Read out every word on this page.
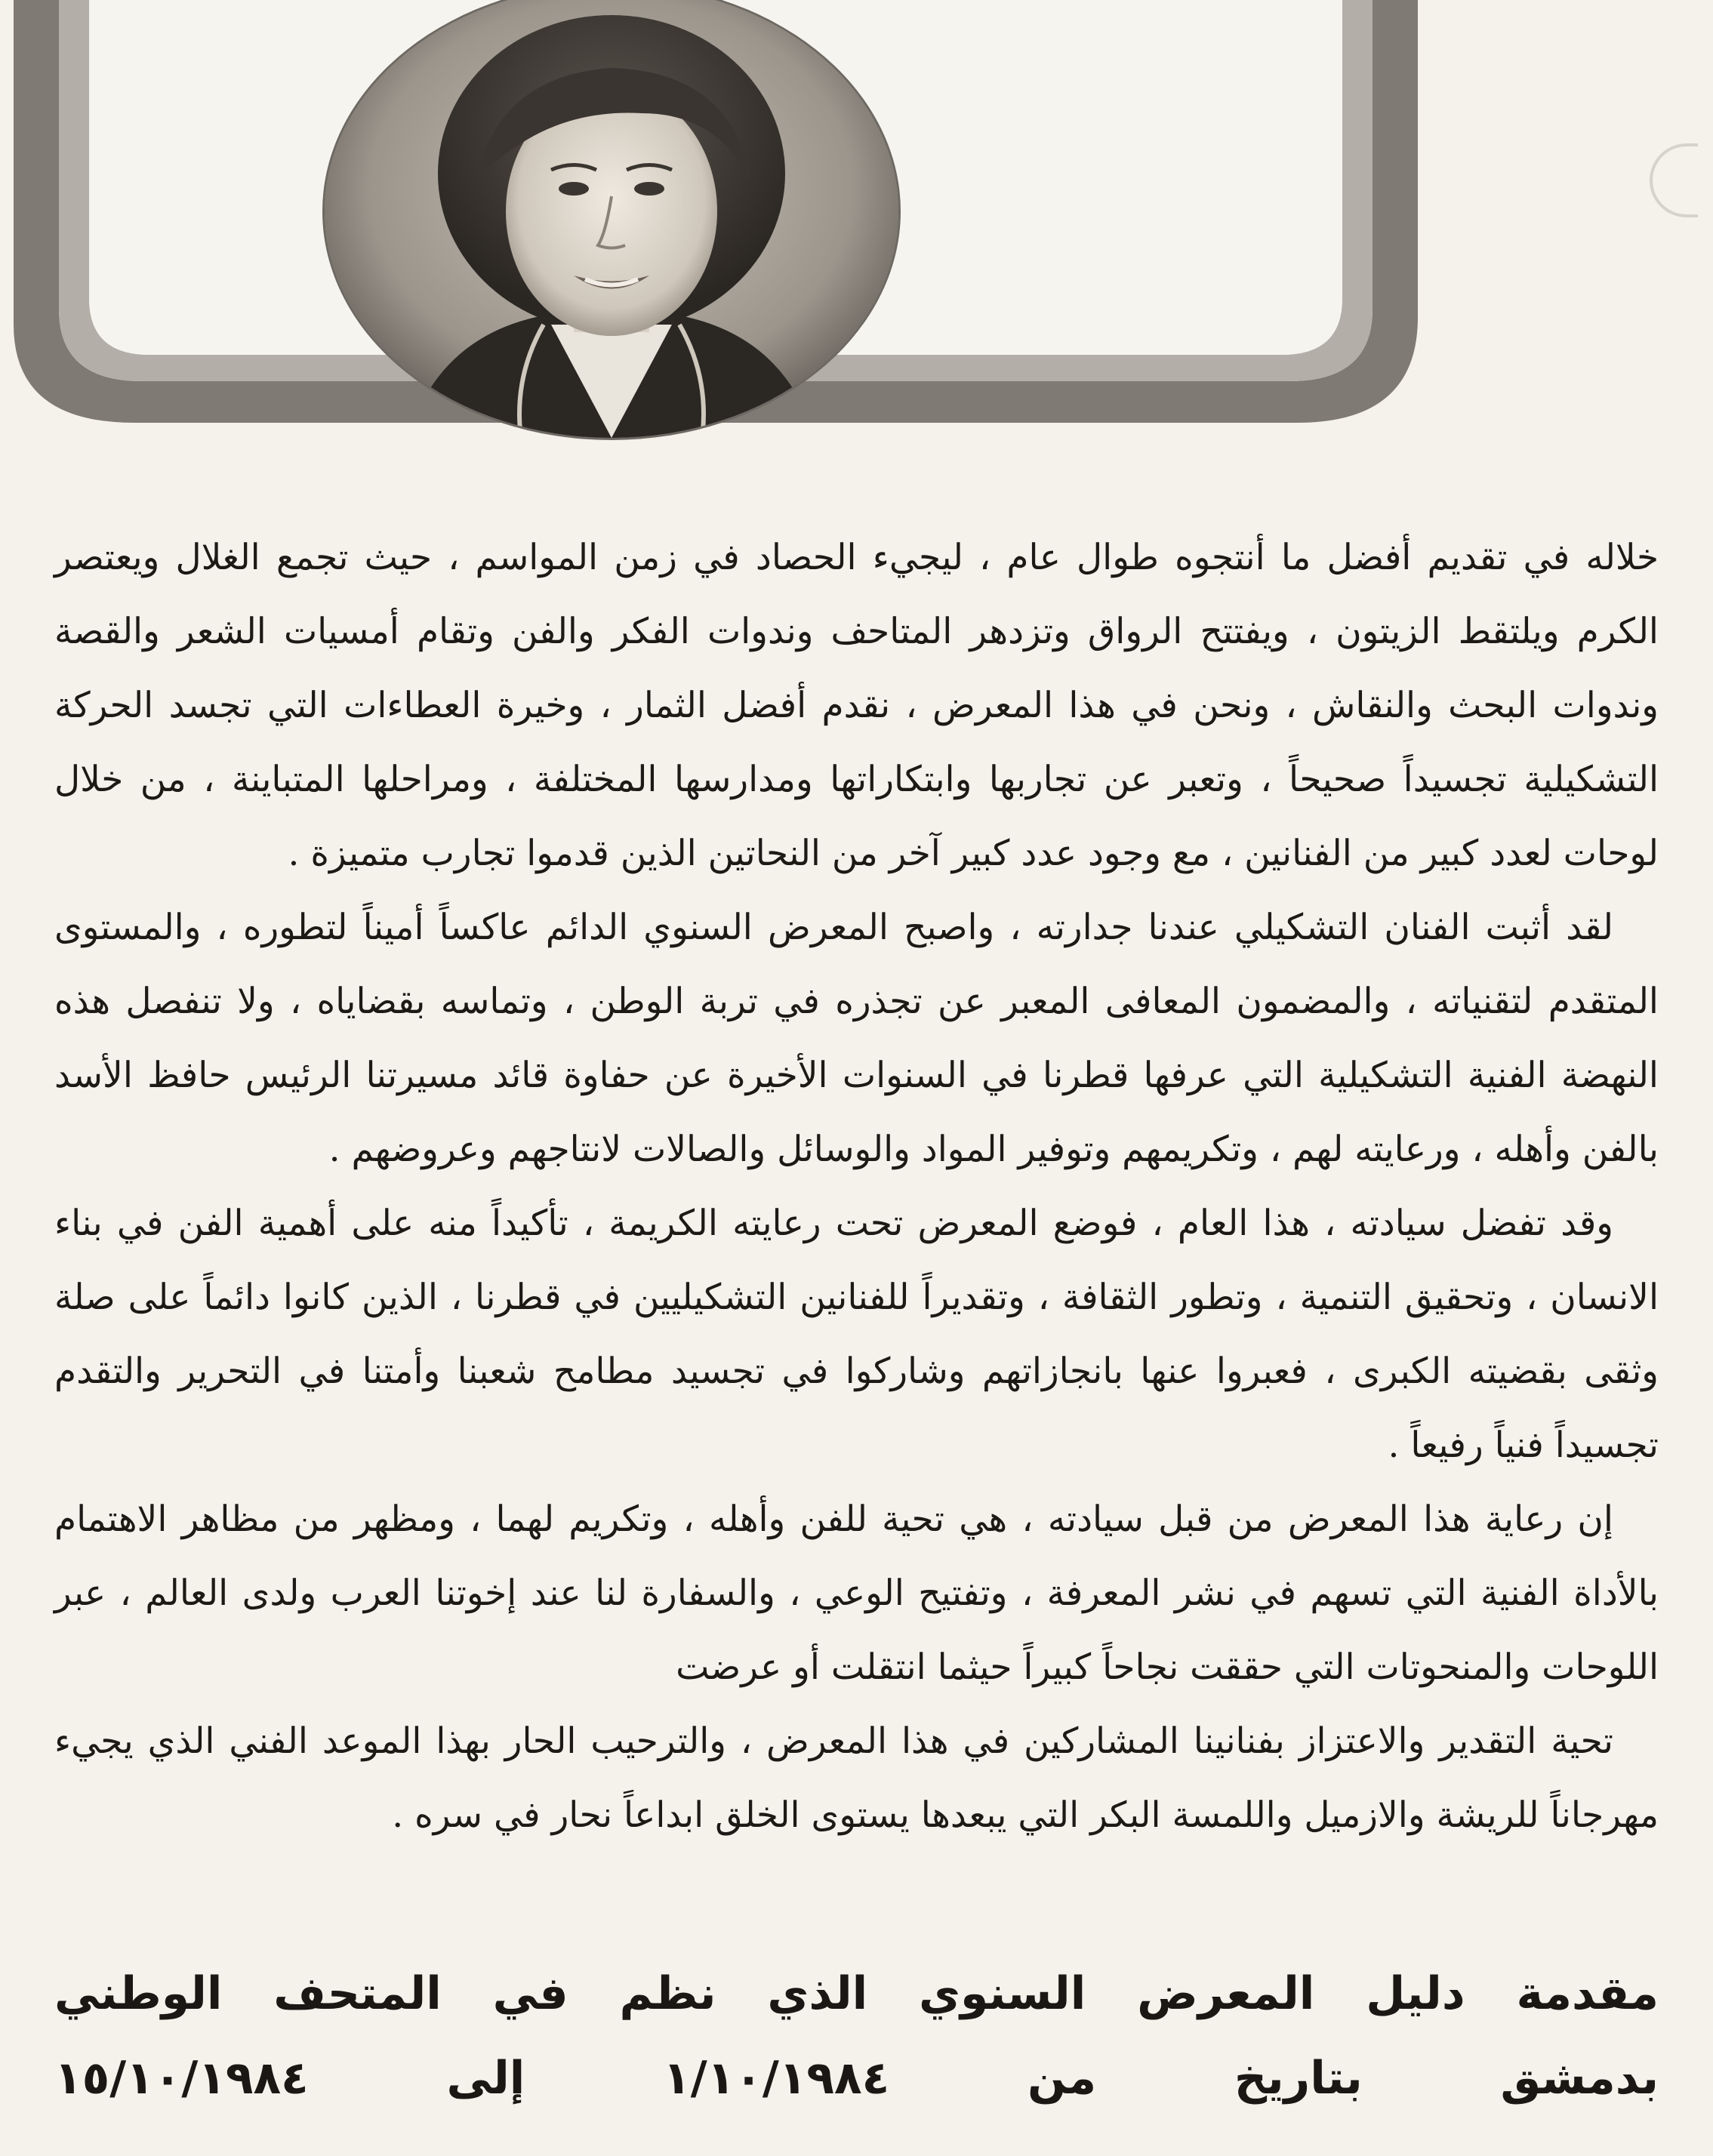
خلاله في تقديم أفضل ما أنتجوه طوال عام ، ليجيء الحصاد في زمن المواسم ، حيث تجمع الغلال ويعتصر الكرم ويلتقط الزيتون ، ويفتتح الرواق وتزدهر المتاحف وندوات الفكر والفن وتقام أمسيات الشعر والقصة وندوات البحث والنقاش ، ونحن في هذا المعرض ، نقدم أفضل الثمار ، وخيرة العطاءات التي تجسد الحركة التشكيلية تجسيداً صحيحاً ، وتعبر عن تجاربها وابتكاراتها ومدارسها المختلفة ، ومراحلها المتباينة ، من خلال لوحات لعدد كبير من الفنانين ، مع وجود عدد كبير آخر من النحاتين الذين قدموا تجارب متميزة .

لقد أثبت الفنان التشكيلي عندنا جدارته ، واصبح المعرض السنوي الدائم عاكساً أميناً لتطوره ، والمستوى المتقدم لتقنياته ، والمضمون المعافى المعبر عن تجذره في تربة الوطن ، وتماسه بقضاياه ، ولا تنفصل هذه النهضة الفنية التشكيلية التي عرفها قطرنا في السنوات الأخيرة عن حفاوة قائد مسيرتنا الرئيس حافظ الأسد بالفن وأهله ، ورعايته لهم ، وتكريمهم وتوفير المواد والوسائل والصالات لانتاجهم وعروضهم .

وقد تفضل سيادته ، هذا العام ، فوضع المعرض تحت رعايته الكريمة ، تأكيداً منه على أهمية الفن في بناء الانسان ، وتحقيق التنمية ، وتطور الثقافة ، وتقديراً للفنانين التشكيليين في قطرنا ، الذين كانوا دائماً على صلة وثقى بقضيته الكبرى ، فعبروا عنها بانجازاتهم وشاركوا في تجسيد مطامح شعبنا وأمتنا في التحرير والتقدم تجسيداً فنياً رفيعاً .

إن رعاية هذا المعرض من قبل سيادته ، هي تحية للفن وأهله ، وتكريم لهما ، ومظهر من مظاهر الاهتمام بالأداة الفنية التي تسهم في نشر المعرفة ، وتفتيح الوعي ، والسفارة لنا عند إخوتنا العرب ولدى العالم ، عبر اللوحات والمنحوتات التي حققت نجاحاً كبيراً حيثما انتقلت أو عرضت

تحية التقدير والاعتزاز بفنانينا المشاركين في هذا المعرض ، والترحيب الحار بهذا الموعد الفني الذي يجيء مهرجاناً للريشة والازميل واللمسة البكر التي يبعدها يستوى الخلق ابداعاً نحار في سره .

مقدمة دليل المعرض السنوي الذي نظم في المتحف الوطني
بدمشق بتاريخ من ١/١٠/١٩٨٤ إلى ١٥/١٠/١٩٨٤
